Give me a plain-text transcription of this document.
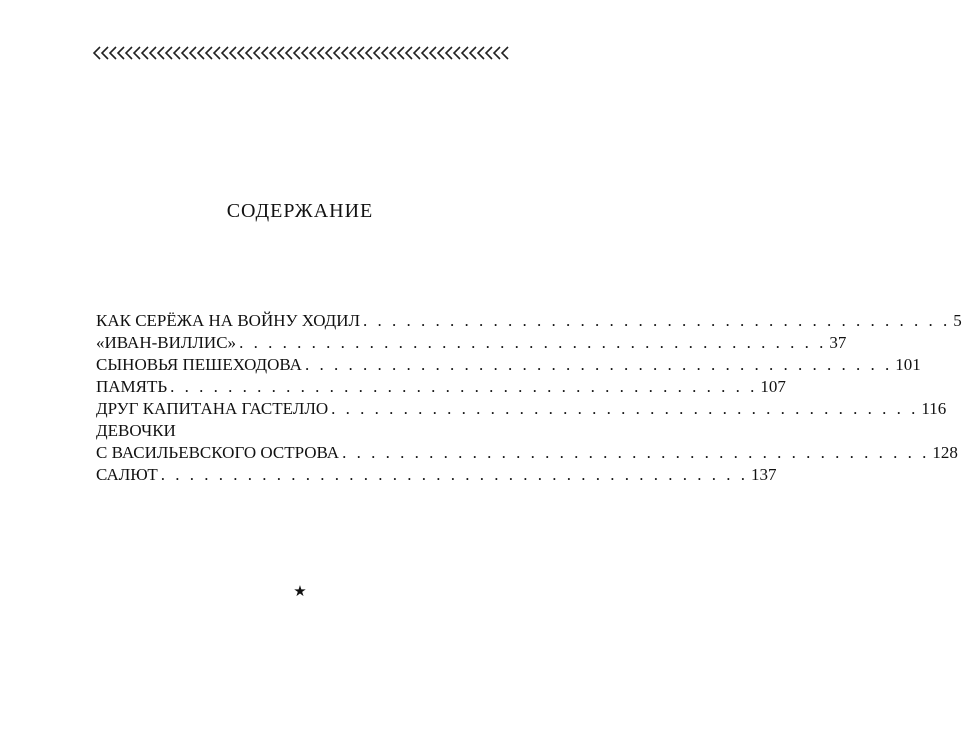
СОДЕРЖАНИЕ
КАК СЕРЁЖА НА ВОЙНУ ХОДИЛ . . . . . . . . . . . . . . . . . . . . . . . . . . . . . . . . . . . . . . . . . 5
«ИВАН-ВИЛЛИС» . . . . . . . . . . . . . . . . . . . . . . . . . . . . . . . . . . . . . . . . . 37
СЫНОВЬЯ ПЕШЕХОДОВА . . . . . . . . . . . . . . . . . . . . . . . . . . . . . . . . . . . . . . . . . 101
ПАМЯТЬ . . . . . . . . . . . . . . . . . . . . . . . . . . . . . . . . . . . . . . . . . 107
ДРУГ КАПИТАНА ГАСТЕЛЛО . . . . . . . . . . . . . . . . . . . . . . . . . . . . . . . . . . . . . . . . . 116
ДЕВОЧКИ
С ВАСИЛЬЕВСКОГО ОСТРОВА . . . . . . . . . . . . . . . . . . . . . . . . . . . . . . . . . . . . . . . . . 128
САЛЮТ . . . . . . . . . . . . . . . . . . . . . . . . . . . . . . . . . . . . . . . . . 137
★
